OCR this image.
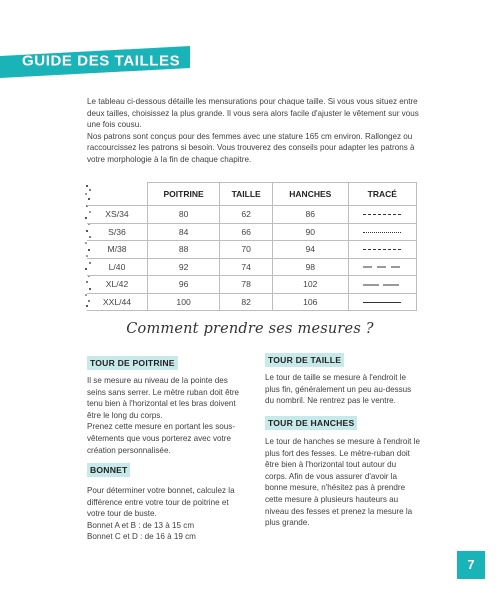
GUIDE DES TAILLES

Le tableau ci-dessous détaille les mensurations pour chaque taille. Si vous vous situez entre deux tailles, choisissez la plus grande. Il vous sera alors facile d'ajuster le vêtement sur vous une fois cousu.

Nos patrons sont conçus pour des femmes avec une stature 165 cm environ. Rallongez ou raccourcissez les patrons si besoin. Vous trouverez des conseils pour adapter les patrons à votre morphologie à la fin de chaque chapitre.

	POITRINE	TAILLE	HANCHES	TRACÉ
XS/34	80	62	86	
S/36	84	66	90	
M/38	88	70	94	
L/40	92	74	98	
XL/42	96	78	102	
XXL/44	100	82	106	
Comment prendre ses mesures ?
TOUR DE POITRINE

Il se mesure au niveau de la pointe des seins sans serrer. Le mètre ruban doit être tenu bien à l'horizontal et les bras doivent être le long du corps.

Prenez cette mesure en portant les sous-vêtements que vous porterez avec votre création personnalisée.

BONNET

Pour déterminer votre bonnet, calculez la différence entre votre tour de poitrine et votre tour de buste.

Bonnet A et B : de 13 à 15 cm

Bonnet C et D : de 16 à 19 cm

TOUR DE TAILLE

Le tour de taille se mesure à l'endroit le plus fin, généralement un peu au-dessus du nombril. Ne rentrez pas le ventre.

TOUR DE HANCHES

Le tour de hanches se mesure à l'endroit le plus fort des fesses. Le mètre-ruban doit être bien à l'horizontal tout autour du corps. Afin de vous assurer d'avoir la bonne mesure, n'hésitez pas à prendre cette mesure à plusieurs hauteurs au niveau des fesses et prenez la mesure la plus grande.

7
